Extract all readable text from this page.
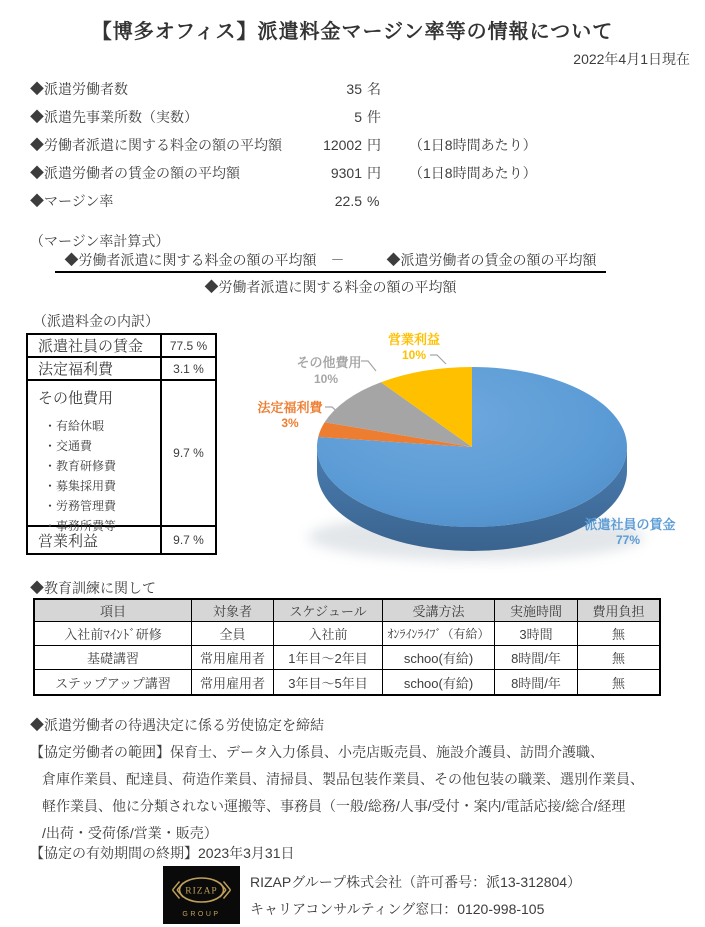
【博多オフィス】派遣料金マージン率等の情報について
2022年4月1日現在
◆派遣労働者数	35 名
◆派遣先事業所数（実数）	5 件
◆労働者派遣に関する料金の額の平均額	12002 円 （1日8時間あたり）
◆派遣労働者の賃金の額の平均額	9301 円 （1日8時間あたり）
◆マージン率	22.5 %
（マージン率計算式）
◆労働者派遣に関する料金の額の平均額　－　　　◆派遣労働者の賃金の額の平均額
◆労働者派遣に関する料金の額の平均額
（派遣料金の内訳）
派遣社員の賃金	77.5 %
法定福利費	3.1 %
その他費用
・有給休暇
・交通費
・教育研修費
・募集採用費
・労務管理費
・事務所費等
9.7 %
営業利益	9.7 %
営業利益
10%
その他費用
10%
法定福利費
3%
派遣社員の賃金
77%
◆教育訓練に関して
項目	対象者	スケジュール	受講方法	実施時間	費用負担
入社前ﾏｲﾝﾄﾞ研修	全員	入社前	ｵﾝﾗｲﾝﾗｲﾌﾞ（有給）	3時間	無
基礎講習	常用雇用者	1年目～2年目	schoo(有給)	8時間/年	無
ステップアップ講習	常用雇用者	3年目～5年目	schoo(有給)	8時間/年	無
◆派遣労働者の待遇決定に係る労使協定を締結
【協定労働者の範囲】保育士、データ入力係員、小売店販売員、施設介護員、訪問介護職、
倉庫作業員、配達員、荷造作業員、清掃員、製品包装作業員、その他包装の職業、選別作業員、
軽作業員、他に分類されない運搬等、事務員（一般/総務/人事/受付・案内/電話応接/総合/経理
/出荷・受荷係/営業・販売）
【協定の有効期間の終期】2023年3月31日
RIZAP
GROUP
RIZAPグループ株式会社（許可番号：派13-312804）
キャリアコンサルティング窓口：0120-998-105
